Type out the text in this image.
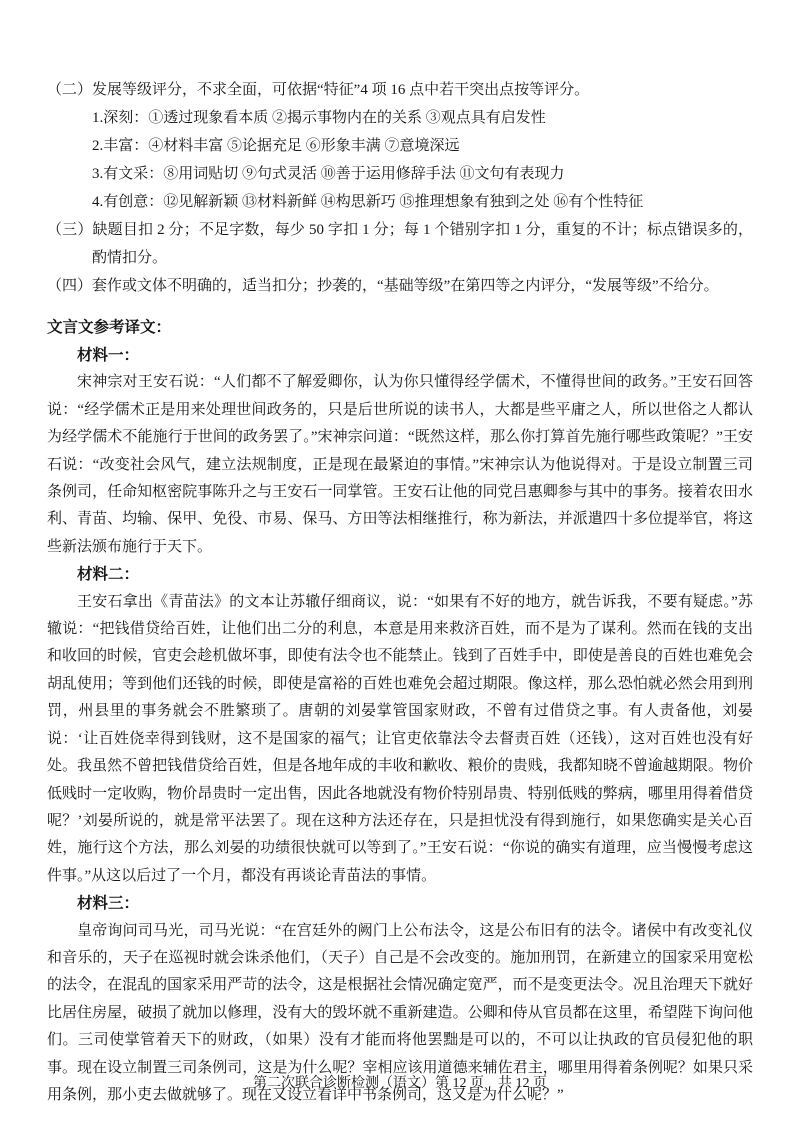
（二）发展等级评分，不求全面，可依据“特征”4 项 16 点中若干突出点按等评分。

1.深刻：①透过现象看本质 ②揭示事物内在的关系 ③观点具有启发性

2.丰富：④材料丰富 ⑤论据充足 ⑥形象丰满 ⑦意境深远

3.有文采：⑧用词贴切 ⑨句式灵活 ⑩善于运用修辞手法 ⑪文句有表现力

4.有创意：⑫见解新颖 ⑬材料新鲜 ⑭构思新巧 ⑮推理想象有独到之处 ⑯有个性特征

（三）缺题目扣 2 分；不足字数，每少 50 字扣 1 分；每 1 个错别字扣 1 分，重复的不计；标点错误多的，酌情扣分。

（四）套作或文体不明确的，适当扣分；抄袭的，“基础等级”在第四等之内评分，“发展等级”不给分。

文言文参考译文：
材料一：

宋神宗对王安石说：“人们都不了解爱卿你，认为你只懂得经学儒术，不懂得世间的政务。”王安石回答说：“经学儒术正是用来处理世间政务的，只是后世所说的读书人，大都是些平庸之人，所以世俗之人都认为经学儒术不能施行于世间的政务罢了。”宋神宗问道：“既然这样，那么你打算首先施行哪些政策呢？”王安石说：“改变社会风气，建立法规制度，正是现在最紧迫的事情。”宋神宗认为他说得对。于是设立制置三司条例司，任命知枢密院事陈升之与王安石一同掌管。王安石让他的同党吕惠卿参与其中的事务。接着农田水利、青苗、均输、保甲、免役、市易、保马、方田等法相继推行，称为新法，并派遣四十多位提举官，将这些新法颁布施行于天下。

材料二：

王安石拿出《青苗法》的文本让苏辙仔细商议，说：“如果有不好的地方，就告诉我，不要有疑虑。”苏辙说：“把钱借贷给百姓，让他们出二分的利息，本意是用来救济百姓，而不是为了谋利。然而在钱的支出和收回的时候，官吏会趁机做坏事，即使有法令也不能禁止。钱到了百姓手中，即使是善良的百姓也难免会胡乱使用；等到他们还钱的时候，即使是富裕的百姓也难免会超过期限。像这样，那么恐怕就必然会用到刑罚，州县里的事务就会不胜繁琐了。唐朝的刘晏掌管国家财政，不曾有过借贷之事。有人责备他，刘晏说：‘让百姓侥幸得到钱财，这不是国家的福气；让官吏依靠法令去督责百姓（还钱），这对百姓也没有好处。我虽然不曾把钱借贷给百姓，但是各地年成的丰收和歉收、粮价的贵贱，我都知晓不曾逾越期限。物价低贱时一定收购，物价昂贵时一定出售，因此各地就没有物价特别昂贵、特别低贱的弊病，哪里用得着借贷呢？’刘晏所说的，就是常平法罢了。现在这种方法还存在，只是担忧没有得到施行，如果您确实是关心百姓，施行这个方法，那么刘晏的功绩很快就可以等到了。”王安石说：“你说的确实有道理，应当慢慢考虑这件事。”从这以后过了一个月，都没有再谈论青苗法的事情。

材料三：

皇帝询问司马光，司马光说：“在宫廷外的阙门上公布法令，这是公布旧有的法令。诸侯中有改变礼仪和音乐的，天子在巡视时就会诛杀他们，（天子）自己是不会改变的。施加刑罚，在新建立的国家采用宽松的法令，在混乱的国家采用严苛的法令，这是根据社会情况确定宽严，而不是变更法令。况且治理天下就好比居住房屋，破损了就加以修理，没有大的毁坏就不重新建造。公卿和侍从官员都在这里，希望陛下询问他们。三司使掌管着天下的财政，（如果）没有才能而将他罢黜是可以的，不可以让执政的官员侵犯他的职事。现在设立制置三司条例司，这是为什么呢？宰相应该用道德来辅佐君主，哪里用得着条例呢？如果只采用条例，那小吏去做就够了。现在又设立看详中书条例司，这又是为什么呢？”

第二次联合诊断检测（语文）第 12 页　共 12 页
